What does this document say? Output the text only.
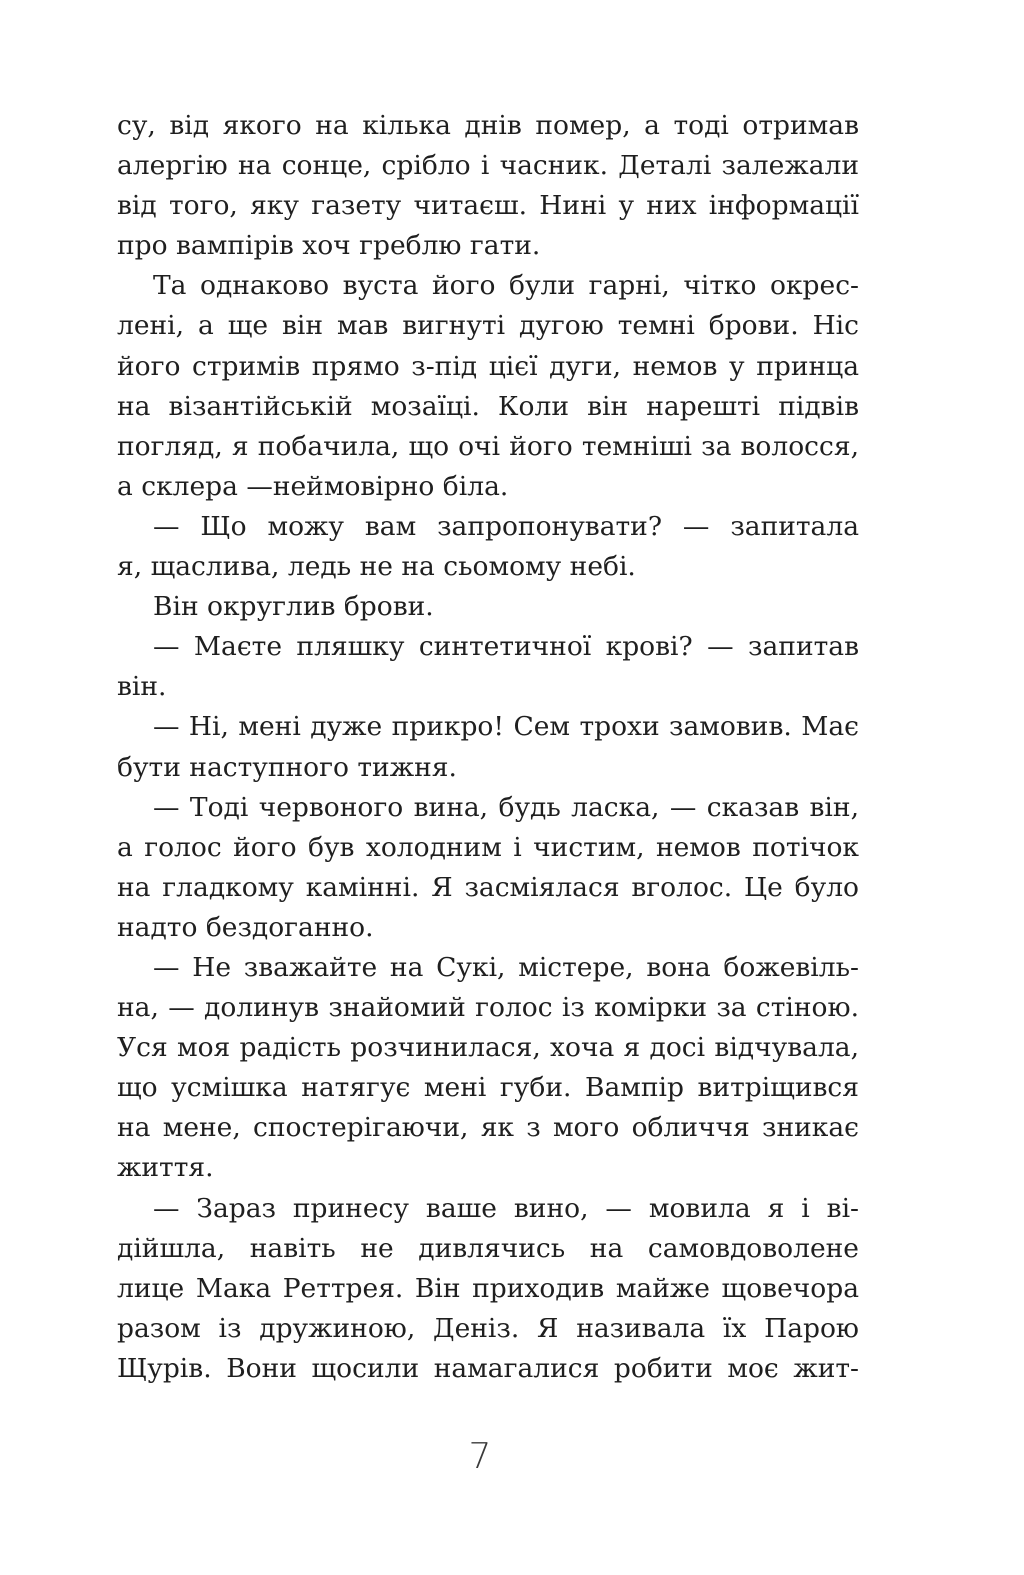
су, від якого на кілька днів помер, а тоді отримав
алергію на сонце, срібло і часник. Деталі залежали
від того, яку газету читаєш. Нині у них інформації
про вампірів хоч греблю гати.
Та однаково вуста його були гарні, чітко окрес-
лені, а ще він мав вигнуті дугою темні брови. Ніс
його стримів прямо з-під цієї дуги, немов у принца
на візантійській мозаїці. Коли він нарешті підвів
погляд, я побачила, що очі його темніші за волосся,
а склера —неймовірно біла.
— Що можу вам запропонувати? — запитала
я, щаслива, ледь не на сьомому небі.
Він округлив брови.
— Маєте пляшку синтетичної крові? — запитав
він.
— Ні, мені дуже прикро! Сем трохи замовив. Має
бути наступного тижня.
— Тоді червоного вина, будь ласка, — сказав він,
а голос його був холодним і чистим, немов потічок
на гладкому камінні. Я засміялася вголос. Це було
надто бездоганно.
— Не зважайте на Сукі, містере, вона божевіль-
на, — долинув знайомий голос із комірки за стіною.
Уся моя радість розчинилася, хоча я досі відчувала,
що усмішка натягує мені губи. Вампір витріщився
на мене, спостерігаючи, як з мого обличчя зникає
життя.
— Зараз принесу ваше вино, — мовила я і ві-
дійшла, навіть не дивлячись на самовдоволене
лице Мака Реттрея. Він приходив майже щовечора
разом із дружиною, Деніз. Я називала їх Парою
Щурів. Вони щосили намагалися робити моє жит-
7
